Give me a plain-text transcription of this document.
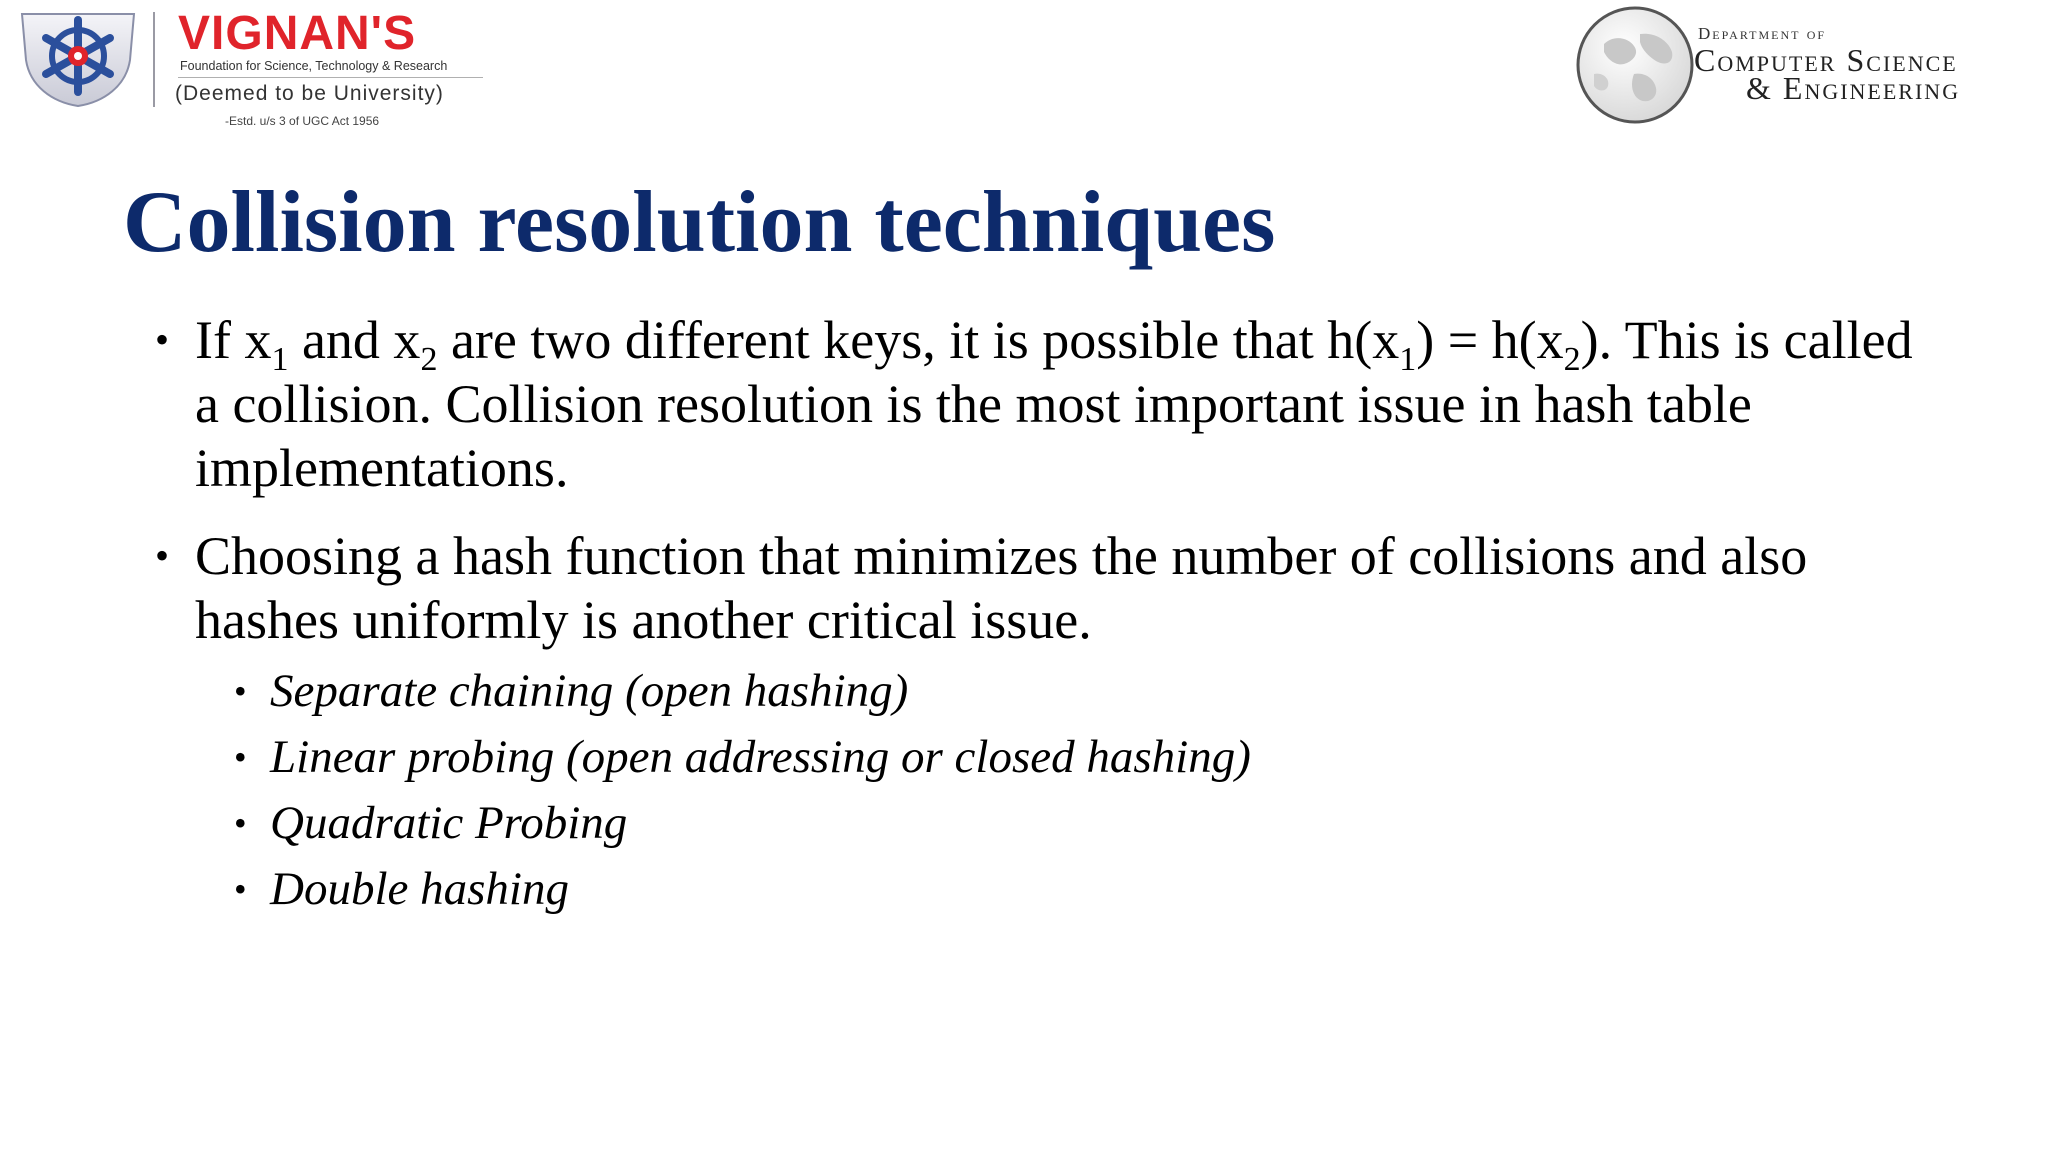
VIGNAN'S
Foundation for Science, Technology & Research
(Deemed to be University)
-Estd. u/s 3 of UGC Act 1956
Department of
Computer Science
& Engineering
Collision resolution techniques
• If $x_1$ and $x_2$ are two different keys, it is possible that $h(x_1) = h(x_2)$. This is called a collision. Collision resolution is the most important issue in hash table implementations.
• Choosing a hash function that minimizes the number of collisions and also hashes uniformly is another critical issue.
• Separate chaining (open hashing)
• Linear probing (open addressing or closed hashing)
• Quadratic Probing
• Double hashing
